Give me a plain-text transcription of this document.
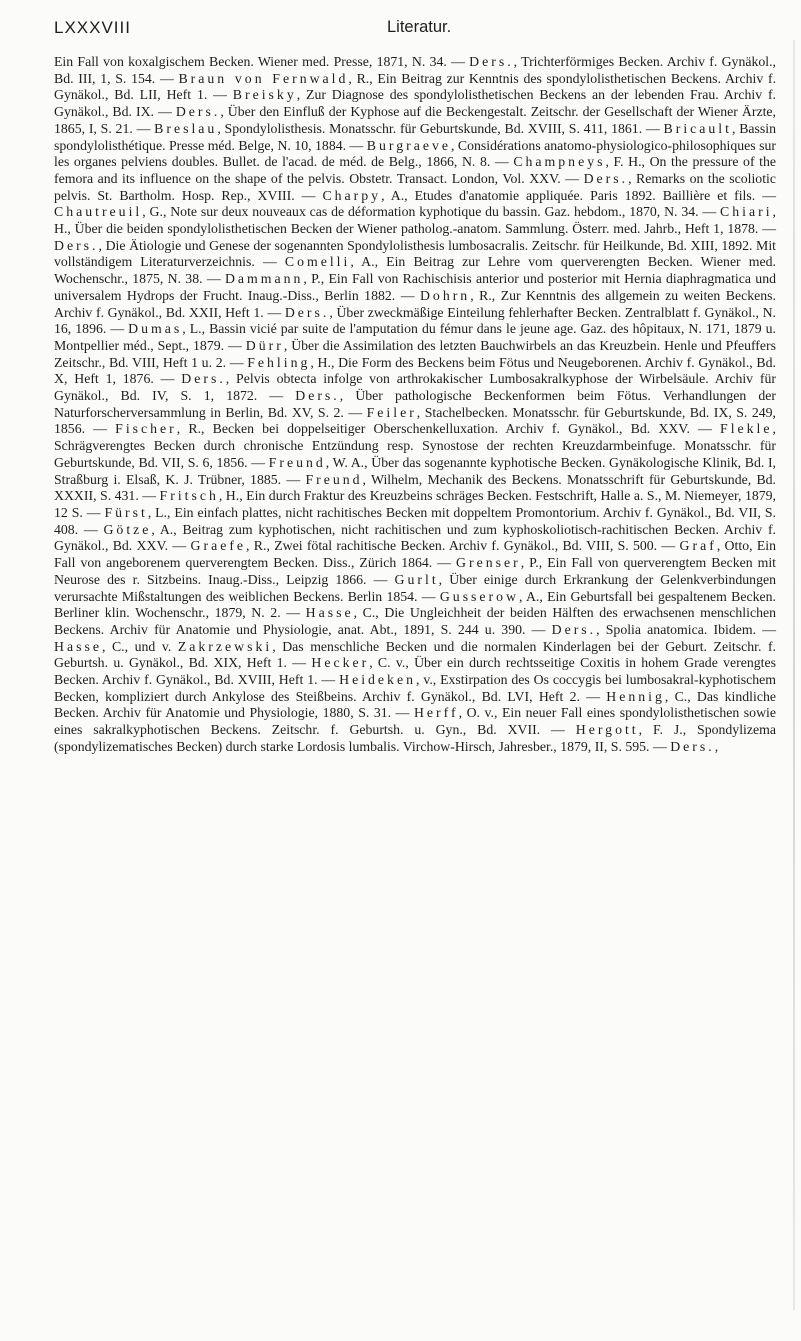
LXXXVIII	Literatur.
Ein Fall von koxalgischem Becken. Wiener med. Presse, 1871, N. 34. — Ders., Trichterförmiges Becken. Archiv f. Gynäkol., Bd. III, 1, S. 154. — Braun von Fernwald, R., Ein Beitrag zur Kenntnis des spondylolisthetischen Beckens. Archiv f. Gynäkol., Bd. LII, Heft 1. — Breisky, Zur Diagnose des spondylolisthetischen Beckens an der lebenden Frau. Archiv f. Gynäkol., Bd. IX. — Ders., Über den Einfluß der Kyphose auf die Beckengestalt. Zeitschr. der Gesellschaft der Wiener Ärzte, 1865, I, S. 21. — Breslau, Spondylolisthesis. Monatsschr. für Geburtskunde, Bd. XVIII, S. 411, 1861. — Bricault, Bassin spondylolisthétique. Presse méd. Belge, N. 10, 1884. — Burgraeve, Considérations anatomo-physiologico-philosophiques sur les organes pelviens doubles. Bullet. de l'acad. de méd. de Belg., 1866, N. 8. — Champneys, F. H., On the pressure of the femora and its influence on the shape of the pelvis. Obstetr. Transact. London, Vol. XXV. — Ders., Remarks on the scoliotic pelvis. St. Bartholm. Hosp. Rep., XVIII. — Charpy, A., Etudes d'anatomie appliquée. Paris 1892. Baillière et fils. — Chautreuil, G., Note sur deux nouveaux cas de déformation kyphotique du bassin. Gaz. hebdom., 1870, N. 34. — Chiari, H., Über die beiden spondylolisthetischen Becken der Wiener patholog.-anatom. Sammlung. Österr. med. Jahrb., Heft 1, 1878. — Ders., Die Ätiologie und Genese der sogenannten Spondylolisthesis lumbosacralis. Zeitschr. für Heilkunde, Bd. XIII, 1892. Mit vollständigem Literaturverzeichnis. — Comelli, A., Ein Beitrag zur Lehre vom querverengten Becken. Wiener med. Wochenschr., 1875, N. 38. — Dammann, P., Ein Fall von Rachischisis anterior und posterior mit Hernia diaphragmatica und universalem Hydrops der Frucht. Inaug.-Diss., Berlin 1882. — Dohrn, R., Zur Kenntnis des allgemein zu weiten Beckens. Archiv f. Gynäkol., Bd. XXII, Heft 1. — Ders., Über zweckmäßige Einteilung fehlerhafter Becken. Zentralblatt f. Gynäkol., N. 16, 1896. — Dumas, L., Bassin vicié par suite de l'amputation du fémur dans le jeune age. Gaz. des hôpitaux, N. 171, 1879 u. Montpellier méd., Sept., 1879. — Dürr, Über die Assimilation des letzten Bauchwirbels an das Kreuzbein. Henle und Pfeuffers Zeitschr., Bd. VIII, Heft 1 u. 2. — Fehling, H., Die Form des Beckens beim Fötus und Neugeborenen. Archiv f. Gynäkol., Bd. X, Heft 1, 1876. — Ders., Pelvis obtecta infolge von arthrokakischer Lumbosakralkyphose der Wirbelsäule. Archiv für Gynäkol., Bd. IV, S. 1, 1872. — Ders., Über pathologische Beckenformen beim Fötus. Verhandlungen der Naturforscherversammlung in Berlin, Bd. XV, S. 2. — Feiler, Stachelbecken. Monatsschr. für Geburtskunde, Bd. IX, S. 249, 1856. — Fischer, R., Becken bei doppelseitiger Oberschenkelluxation. Archiv f. Gynäkol., Bd. XXV. — Flekle, Schrägverengtes Becken durch chronische Entzündung resp. Synostose der rechten Kreuzdarmbeinfuge. Monatsschr. für Geburtskunde, Bd. VII, S. 6, 1856. — Freund, W. A., Über das sogenannte kyphotische Becken. Gynäkologische Klinik, Bd. I, Straßburg i. Elsaß, K. J. Trübner, 1885. — Freund, Wilhelm, Mechanik des Beckens. Monatsschrift für Geburtskunde, Bd. XXXII, S. 431. — Fritsch, H., Ein durch Fraktur des Kreuzbeins schräges Becken. Festschrift, Halle a. S., M. Niemeyer, 1879, 12 S. — Fürst, L., Ein einfach plattes, nicht rachitisches Becken mit doppeltem Promontorium. Archiv f. Gynäkol., Bd. VII, S. 408. — Götze, A., Beitrag zum kyphotischen, nicht rachitischen und zum kyphoskoliotisch-rachitischen Becken. Archiv f. Gynäkol., Bd. XXV. — Graefe, R., Zwei fötal rachitische Becken. Archiv f. Gynäkol., Bd. VIII, S. 500. — Graf, Otto, Ein Fall von angeborenem querverengtem Becken. Diss., Zürich 1864. — Grenser, P., Ein Fall von querverengtem Becken mit Neurose des r. Sitzbeins. Inaug.-Diss., Leipzig 1866. — Gurlt, Über einige durch Erkrankung der Gelenkverbindungen verursachte Mißstaltungen des weiblichen Beckens. Berlin 1854. — Gusserow, A., Ein Geburtsfall bei gespaltenem Becken. Berliner klin. Wochenschr., 1879, N. 2. — Hasse, C., Die Ungleichheit der beiden Hälften des erwachsenen menschlichen Beckens. Archiv für Anatomie und Physiologie, anat. Abt., 1891, S. 244 u. 390. — Ders., Spolia anatomica. Ibidem. — Hasse, C., und v. Zakrzewski, Das menschliche Becken und die normalen Kinderlagen bei der Geburt. Zeitschr. f. Geburtsh. u. Gynäkol., Bd. XIX, Heft 1. — Hecker, C. v., Über ein durch rechtsseitige Coxitis in hohem Grade verengtes Becken. Archiv f. Gynäkol., Bd. XVIII, Heft 1. — Heideken, v., Exstirpation des Os coccygis bei lumbosakral-kyphotischem Becken, kompliziert durch Ankylose des Steißbeins. Archiv f. Gynäkol., Bd. LVI, Heft 2. — Hennig, C., Das kindliche Becken. Archiv für Anatomie und Physiologie, 1880, S. 31. — Herff, O. v., Ein neuer Fall eines spondylolisthetischen sowie eines sakralkyphotischen Beckens. Zeitschr. f. Geburtsh. u. Gyn., Bd. XVII. — Hergott, F. J., Spondylizema (spondylizematisches Becken) durch starke Lordosis lumbalis. Virchow-Hirsch, Jahresber., 1879, II, S. 595. — Ders.,
